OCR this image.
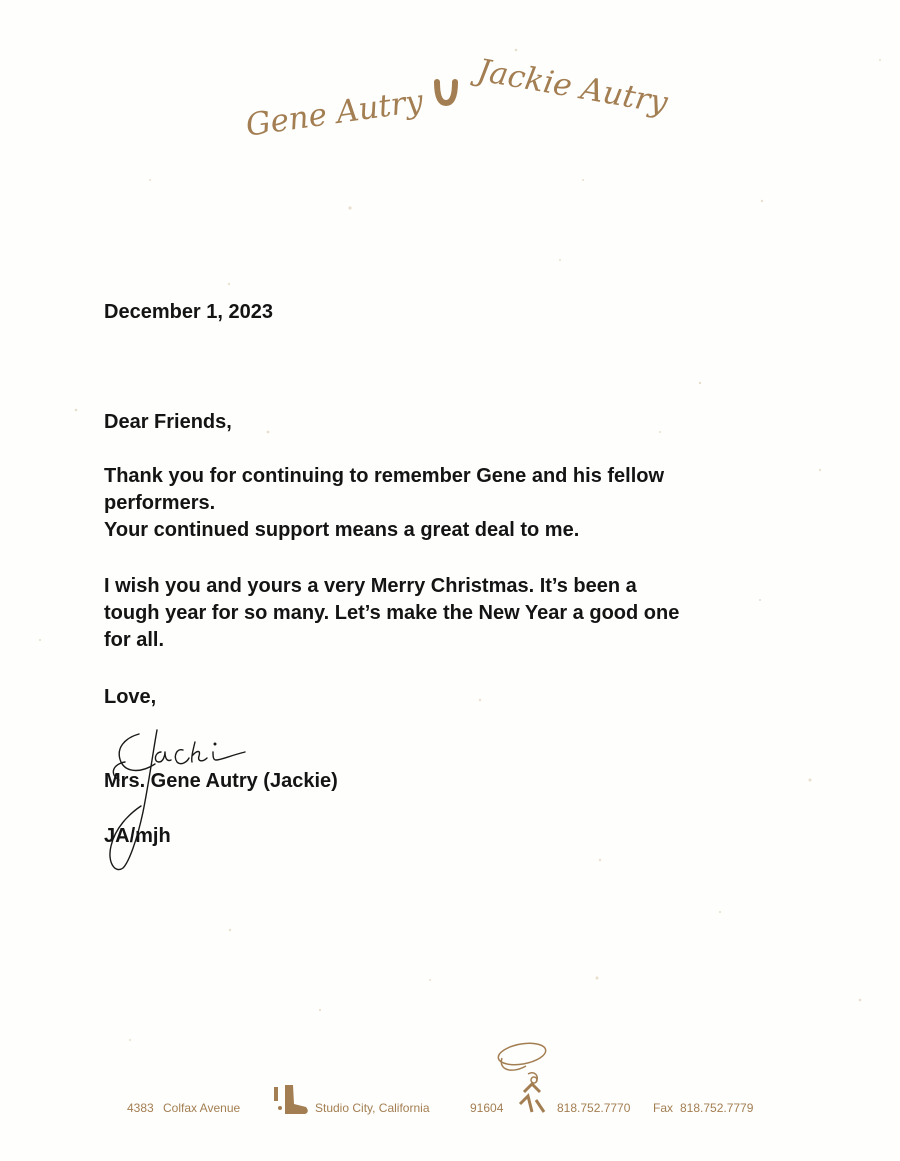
Gene Autry Jackie Autry

December 1, 2023

Dear Friends,

Thank you for continuing to remember Gene and his fellow
performers.
Your continued support means a great deal to me.
I wish you and yours a very Merry Christmas. It’s been a
tough year for so many. Let’s make the New Year a good one
for all.

Love,

Mrs. Gene Autry (Jackie)

JA/mjh

4383 Colfax Avenue	Studio City, California	91604	818.752.7770 Fax 818.752.7779
